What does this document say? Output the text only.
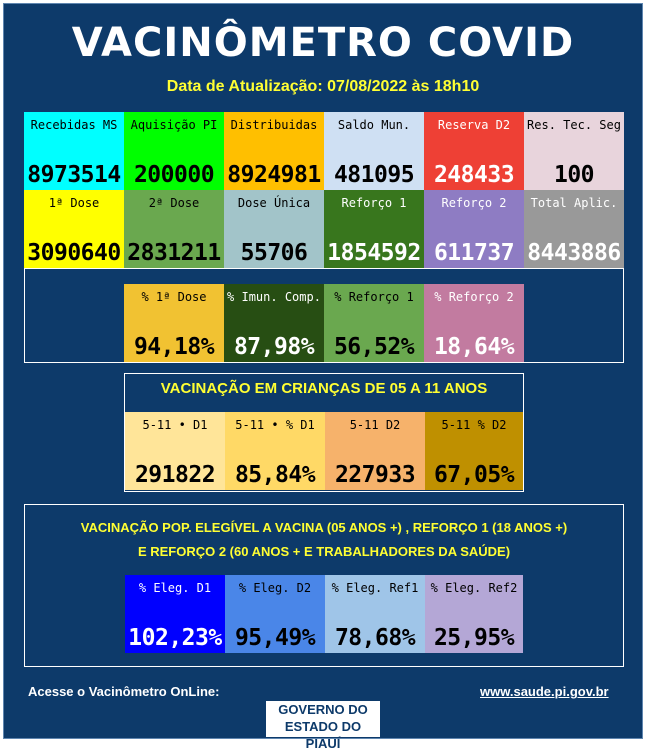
VACINÔMETRO COVID
Data de Atualização: 07/08/2022 às 18h10
Recebidas MS
8973514
Aquisição PI
200000
Distribuidas
8924981
Saldo Mun.
481095
Reserva D2
248433
Res. Tec. Seg
100
1ª Dose
3090640
2ª Dose
2831211
Dose Única
55706
Reforço 1
1854592
Reforço 2
611737
Total Aplic.
8443886
% 1ª Dose
94,18%
% Imun. Comp.
87,98%
% Reforço 1
56,52%
% Reforço 2
18,64%
VACINAÇÃO EM CRIANÇAS DE 05 A 11 ANOS
5-11 • D1
291822
5-11 • % D1
85,84%
5-11 D2
227933
5-11 % D2
67,05%
VACINAÇÃO POP. ELEGÍVEL A VACINA (05 ANOS +) , REFORÇO 1 (18 ANOS +)
E REFORÇO 2 (60 ANOS + E TRABALHADORES DA SAÚDE)
% Eleg. D1
102,23%
% Eleg. D2
95,49%
% Eleg. Ref1
78,68%
% Eleg. Ref2
25,95%
Acesse o Vacinômetro OnLine:	www.saude.pi.gov.br
GOVERNO DO
ESTADO DO PIAUÍ
